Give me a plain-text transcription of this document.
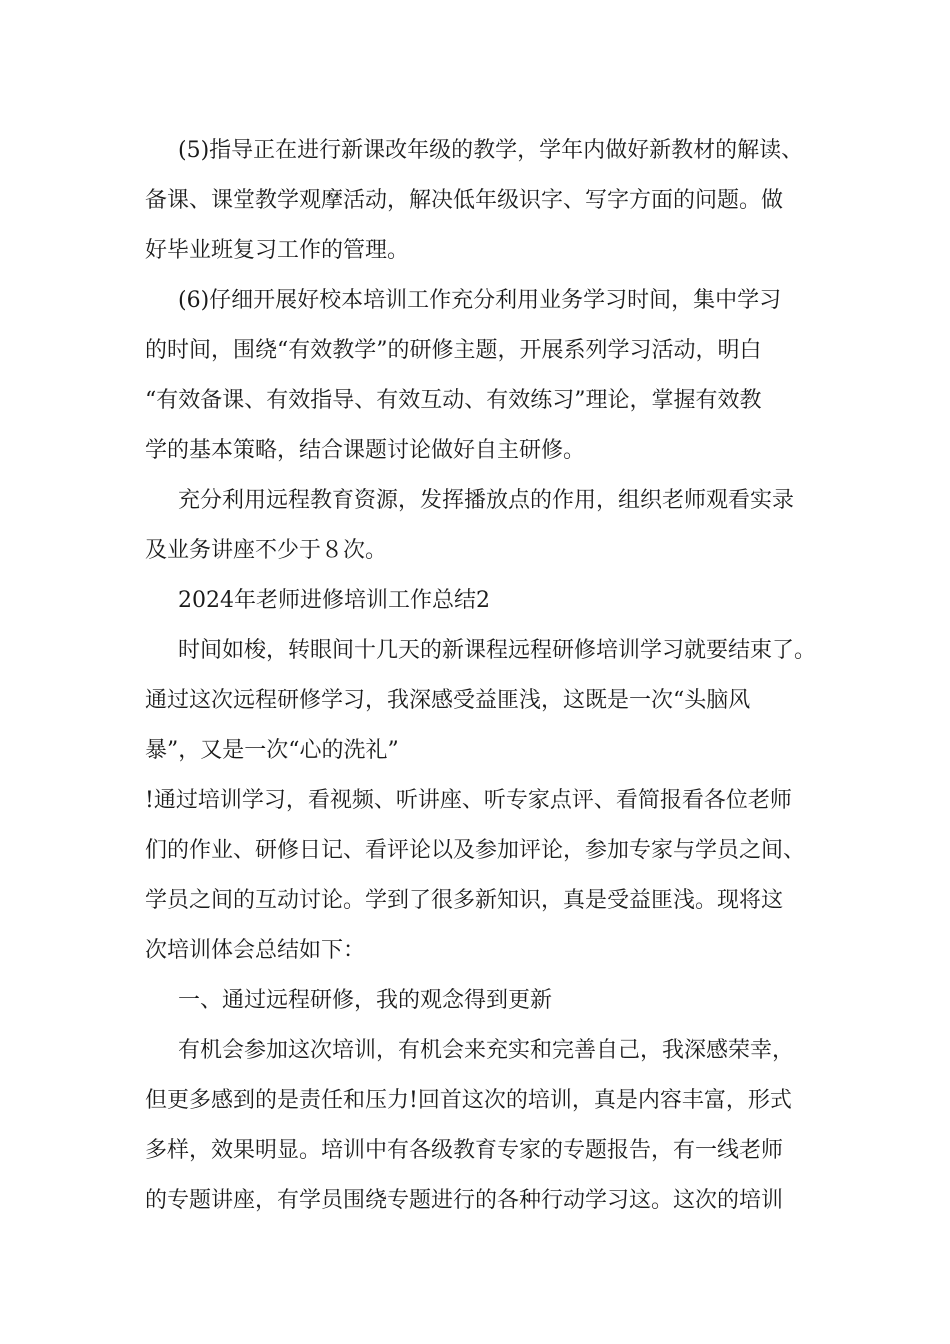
(5)指导正在进行新课改年级的教学，学年内做好新教材的解读、

备课、课堂教学观摩活动，解决低年级识字、写字方面的问题。做

好毕业班复习工作的管理。

(6)仔细开展好校本培训工作充分利用业务学习时间，集中学习

的时间，围绕“有效教学”的研修主题，开展系列学习活动，明白

“有效备课、有效指导、有效互动、有效练习”理论，掌握有效教

学的基本策略，结合课题讨论做好自主研修。

充分利用远程教育资源，发挥播放点的作用，组织老师观看实录

及业务讲座不少于８次。

2024年老师进修培训工作总结2

时间如梭，转眼间十几天的新课程远程研修培训学习就要结束了。

通过这次远程研修学习，我深感受益匪浅，这既是一次“头脑风

暴”，又是一次“心的洗礼”

!通过培训学习，看视频、听讲座、听专家点评、看简报看各位老师

们的作业、研修日记、看评论以及参加评论，参加专家与学员之间、

学员之间的互动讨论。学到了很多新知识，真是受益匪浅。现将这

次培训体会总结如下：

一、通过远程研修，我的观念得到更新

有机会参加这次培训，有机会来充实和完善自己，我深感荣幸，

但更多感到的是责任和压力!回首这次的培训，真是内容丰富，形式

多样，效果明显。培训中有各级教育专家的专题报告，有一线老师

的专题讲座，有学员围绕专题进行的各种行动学习这。这次的培训
